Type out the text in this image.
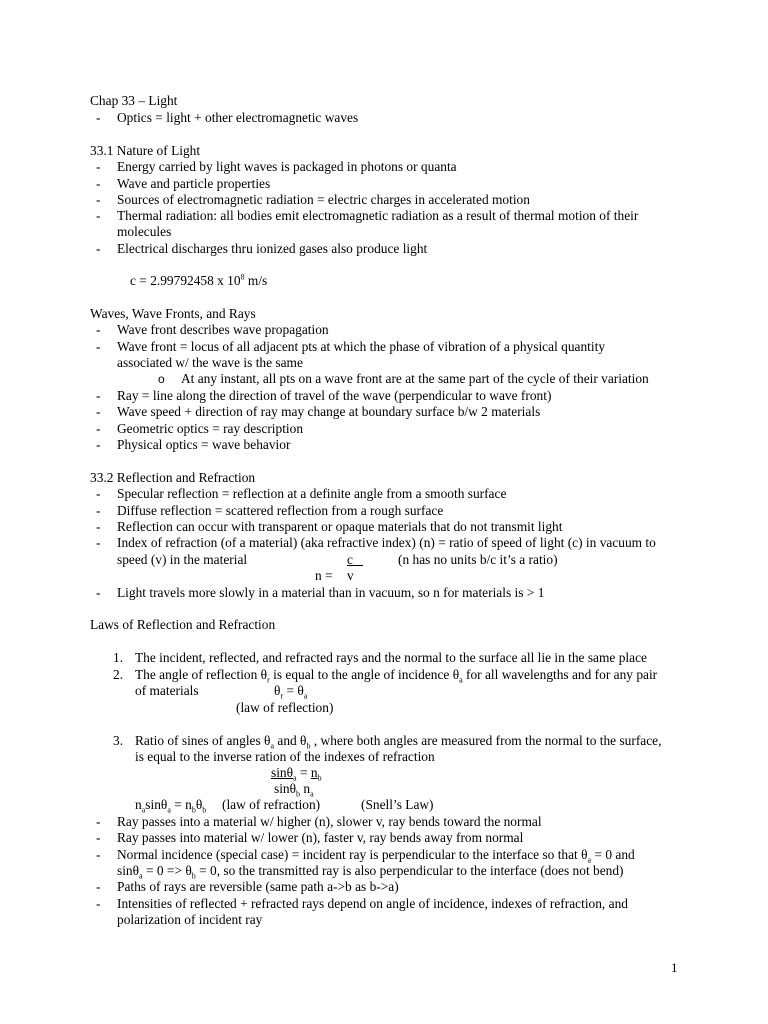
Chap 33 – Light
- Optics = light + other electromagnetic waves
33.1 Nature of Light
- Energy carried by light waves is packaged in photons or quanta
- Wave and particle properties
- Sources of electromagnetic radiation = electric charges in accelerated motion
- Thermal radiation: all bodies emit electromagnetic radiation as a result of thermal motion of their
molecules
- Electrical discharges thru ionized gases also produce light
c = 2.99792458 x $10^8$ m/s
Waves, Wave Fronts, and Rays
- Wave front describes wave propagation
- Wave front = locus of all adjacent pts at which the phase of vibration of a physical quantity
associated w/ the wave is the same
o At any instant, all pts on a wave front are at the same part of the cycle of their variation
- Ray = line along the direction of travel of the wave (perpendicular to wave front)
- Wave speed + direction of ray may change at boundary surface b/w 2 materials
- Geometric optics = ray description
- Physical optics = wave behavior
33.2 Reflection and Refraction
- Specular reflection = reflection at a definite angle from a smooth surface
- Diffuse reflection = scattered reflection from a rough surface
- Reflection can occur with transparent or opaque materials that do not transmit light
- Index of refraction (of a material) (aka refractive index) (n) = ratio of speed of light (c) in vacuum to
speed (v) in the material	c	(n has no units b/c it’s a ratio)
n = v
- Light travels more slowly in a material than in vacuum, so n for materials is > 1
Laws of Reflection and Refraction
1. The incident, reflected, and refracted rays and the normal to the surface all lie in the same place
2. The angle of reflection $\theta_r$ is equal to the angle of incidence $\theta_a$ for all wavelengths and for any pair
of materials	$\theta_r = \theta_a$
(law of reflection)
3. Ratio of sines of angles $\theta_a$ and $\theta_b$ , where both angles are measured from the normal to the surface,
is equal to the inverse ration of the indexes of refraction
$\sin\theta_a = n_b$
sinθ$_b$ $n_a$
$n_a\sin\theta_a = n_b\theta_b$ (law of refraction)	(Snell’s Law)
- Ray passes into a material w/ higher (n), slower v, ray bends toward the normal
- Ray passes into material w/ lower (n), faster v, ray bends away from normal
- Normal incidence (special case) = incident ray is perpendicular to the interface so that $\theta_a = 0$ and
$\sin\theta_a = 0 => \theta_b = 0$, so the transmitted ray is also perpendicular to the interface (does not bend)
- Paths of rays are reversible (same path a->b as b->a)
- Intensities of reflected + refracted rays depend on angle of incidence, indexes of refraction, and
polarization of incident ray
1
